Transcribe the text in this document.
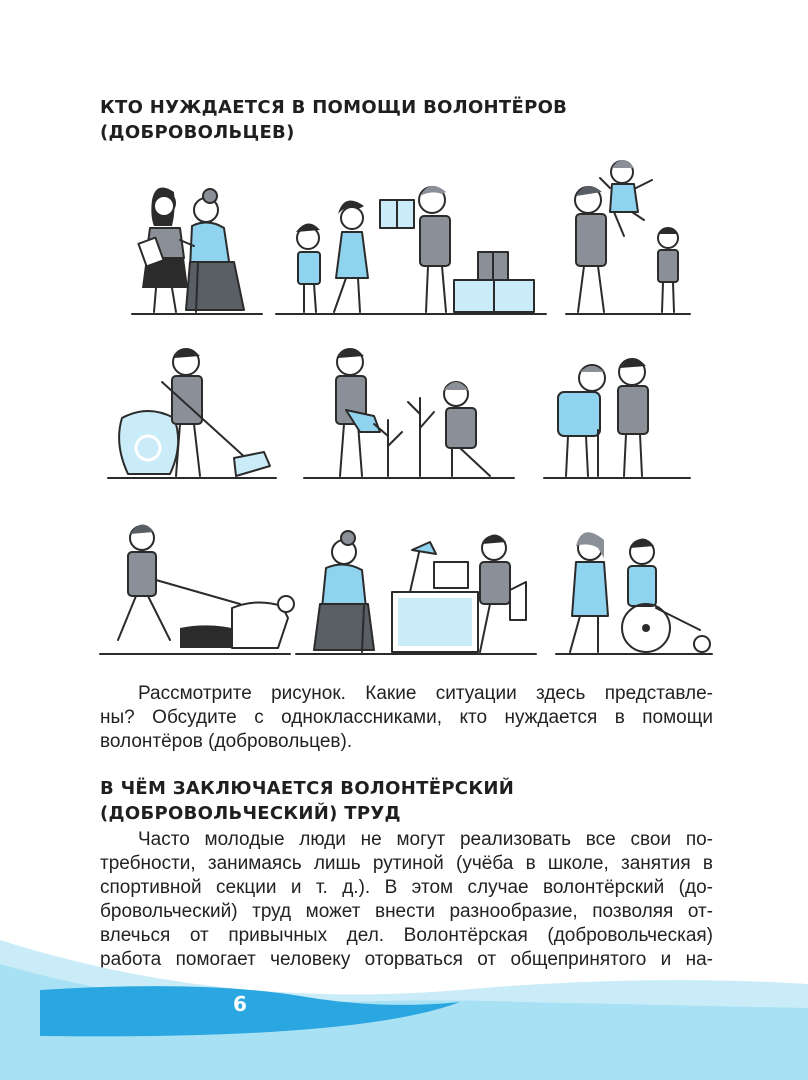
КТО НУЖДАЕТСЯ В ПОМОЩИ ВОЛОНТЁРОВ
(ДОБРОВОЛЬЦЕВ)

Рассмотрите рисунок. Какие ситуации здесь представле-
ны? Обсудите с одноклассниками, кто нуждается в помощи
волонтёров (добровольцев).

В ЧЁМ ЗАКЛЮЧАЕТСЯ ВОЛОНТЁРСКИЙ
(ДОБРОВОЛЬЧЕСКИЙ) ТРУД

Часто молодые люди не могут реализовать все свои по-
требности, занимаясь лишь рутиной (учёба в школе, занятия в
спортивной секции и т. д.). В этом случае волонтёрский (до-
бровольческий) труд может внести разнообразие, позволяя от-
влечься от привычных дел. Волонтёрская (добровольческая)
работа помогает человеку оторваться от общепринятого и на-

6
